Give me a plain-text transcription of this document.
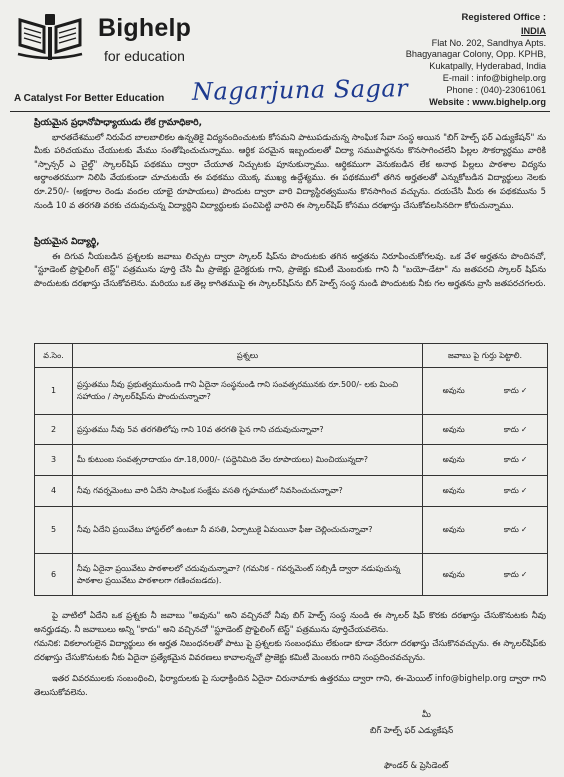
Bighelp
for education
A Catalyst For Better Education Nagarjuna Sagar
Registered Office :
INDIA
Flat No. 202, Sandhya Apts.
Bhagyanagar Colony, Opp. KPHB,
Kukatpally, Hyderabad, India
E-mail : info@bighelp.org
Phone : (040)-23061061
Website : www.bighelp.org
ప్రియమైన ప్రధానోపాధ్యాయుడు లేక గ్రామాధికారి,

భారతదేశములో నిరుపేద బాలబాలికల ఉన్నతికై విద్యనందించుటకు కోసమని పాటుపడుచున్న సాంఘిక సేవా సంస్థ అయిన "బిగ్ హెల్ప్ ఫర్ ఎడ్యుకేషన్" ను మీకు పరిచయము చేయుటకు మేము సంతోషించుచున్నాము. ఆర్థిక పరమైన ఇబ్బందులతో విద్యా సముపార్జనను కొనసాగించలేని పిల్లల సౌకర్యార్ధము వారికి "స్పాన్సర్ ఎ చైల్డ్" స్కాలర్‌షిప్ పథకము ద్వారా చేయూత నిచ్చుటకు పూనుకున్నాము. ఆర్థికముగా వెనుకబడిన లేక అనాథ పిల్లలు పాఠశాల విద్యను అర్థాంతరముగా నిలిపి వేయకుండా చూచుటయే ఈ పథకము యొక్క ముఖ్య ఉద్దేశ్యము. ఈ పథకములో తగిన అర్హతలతో ఎన్నుకోబడిన విద్యార్థులు నెలకు రూ.250/- (అక్షరాల రెండు వందల యాభై రూపాయలు) పొందుట ద్వారా వారి విద్యాస్థిరత్వమును కొనసాగించ వచ్చును. దయచేసి మీరు ఈ పథకమును 5 నుండి 10 వ తరగతి వరకు చదువుచున్న విద్యార్థిని విద్యార్థులకు పంచిపెట్టి వారిని ఈ స్కాలర్‌షిప్ కోసము దరఖాస్తు చేసుకోవలసినదిగా కోరుచున్నాము.

ప్రియమైన విద్యార్థి,

ఈ దిగువ నీయబడిన ప్రశ్నలకు జవాబు లిచ్చుట ద్వారా స్కాలర్ షిప్‌ను పొందుటకు తగిన అర్హతను నిరూపించుకోగలవు. ఒక వేళ అర్హతను పొందినచో, "స్టూడెంట్ ప్రొఫైలింగ్ టెస్ట్" పత్రమును పూర్తి చేసి మీ ప్రాజెక్టు డైరెక్టరుకు గాని, ప్రాజెక్టు కమిటీ మెంబరుకు గాని నీ "బయో-డేటా" ను జతపరచి స్కాలర్ షిప్‌ను పొందుటకు దరఖాస్తు చేసుకోవలెను. మరియు ఒక తెల్ల కాగితముపై ఈ స్కాలర్‌షిప్‌ను బిగ్ హెల్ప్ సంస్థ నుండి పొందుటకు నీకు గల అర్హతను వ్రాసి జతపరచగలరు.

వ.సెం.	ప్రశ్నలు	జవాబు పై గుర్తు పెట్టాలి.
1	ప్రస్తుతము నీవు ప్రభుత్వమునుండి గాని ఏదైనా సంస్థనుండి గాని సంవత్సరమునకు రూ.500/- లకు మించి సహాయం / స్కాలర్‌షిప్‌ను పొందుచున్నావా?	అవును కాదు ✓

2	ప్రస్తుతము నీవు 5వ తరగతిలోపు గాని 10వ తరగతి పైన గాని చదువుచున్నావా?	అవును కాదు ✓

3	మీ కుటుంబ సంవత్సరాదాయం రూ.18,000/- (పద్దెనిమిది వేల రూపాయలు) మించియున్నదా?	అవును కాదు ✓

4	నీవు గవర్నమెంటు వారి ఏదేని సాంఘిక సంక్షేమ వసతి గృహములో నివసించుచున్నావా?	అవును కాదు ✓

5	నీవు ఏదేని ప్రయివేటు హాస్టల్‌లో ఉంటూ నీ వసతి, ఏర్పాటుకై ఏమయినా ఫీజు చెల్లించుచున్నావా?	అవును కాదు ✓

6	నీవు ఏదైనా ప్రయివేటు పాఠశాలలో చదువుచున్నావా? (గమనిక - గవర్నమెంట్ సబ్సిడీ ద్వారా నడుపుచున్న పాఠశాల ప్రయివేటు పాఠశాలగా గణించబడదు).	అవును కాదు ✓

పై వాటిలో ఏదేని ఒక ప్రశ్నకు నీ జవాబు "అవును" అని వచ్చినచో నీవు బిగ్ హెల్ప్ సంస్థ నుండి ఈ స్కాలర్ షిప్ కొరకు దరఖాస్తు చేసుకొనుటకు నీవు అనర్హుడవు. నీ జవాబులు అన్ని "కాదు" అని వచ్చినచో "స్టూడెంట్ ప్రొఫైలింగ్ టెస్ట్" పత్రమును పూర్తిచేయవలెను.

గమనిక: వికలాంగులైన విద్యార్థులు ఈ అర్హత నిబంధనలతో పాటు పై ప్రశ్నలకు సంబంధము లేకుండా కూడా నేరుగా దరఖాస్తు చేసుకొనవచ్చును. ఈ స్కాలర్‌షిప్‌కు దరఖాస్తు చేసుకొనుటకు నీకు ఏదైనా ప్రత్యేకమైన వివరణలు కావాలన్నచో ప్రాజెక్టు కమిటీ మెంబరు గారిని సంప్రదించవచ్చును.

ఇతర వివరములకు సంబంధించి, ఫిర్యాదులకు పై సుధాక్రిందిన ఏదైనా చిరునామాకు ఉత్తరము ద్వారా గాని, ఈ-మెయిల్ info@bighelp.org ద్వారా గాని తెలుసుకోవలెను.

మీ
బిగ్ హెల్ప్ ఫర్ ఎడ్యుకేషన్
ఫౌండర్ & ప్రెసిడెంట్
